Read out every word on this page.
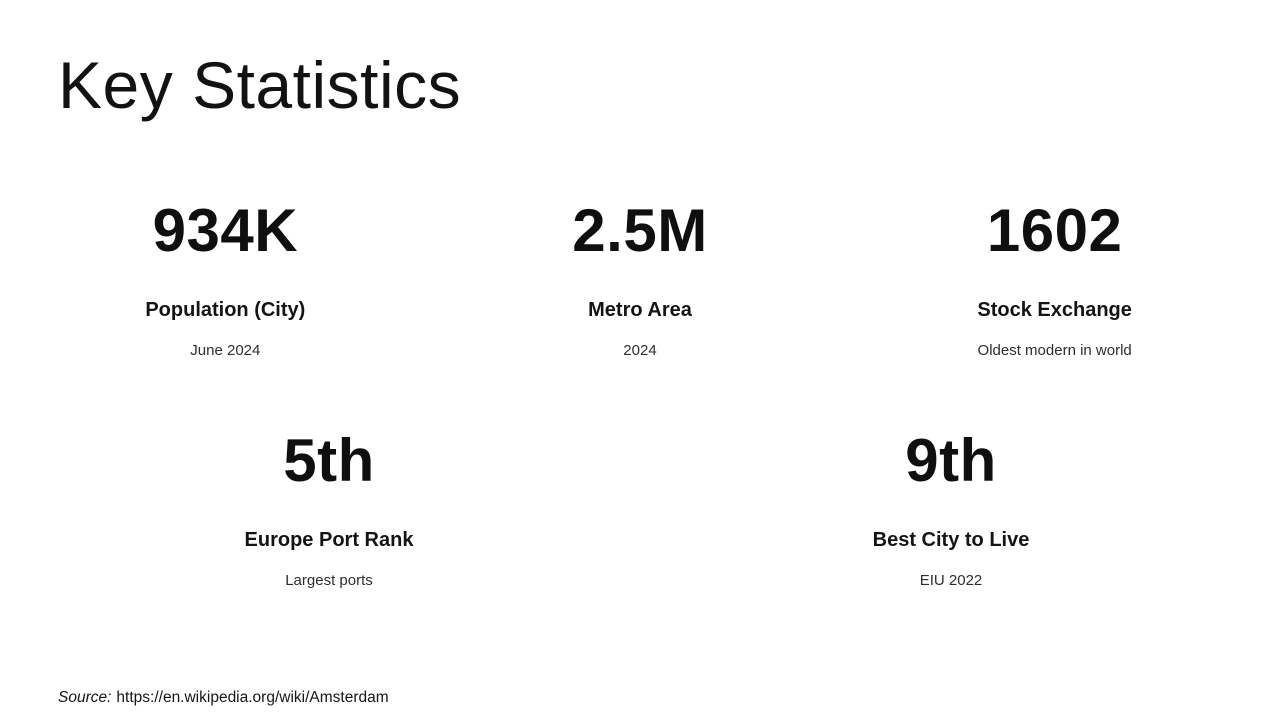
Key Statistics
934K
Population (City)
June 2024
2.5M
Metro Area
2024
1602
Stock Exchange
Oldest modern in world
5th
Europe Port Rank
Largest ports
9th
Best City to Live
EIU 2022
Source: https://en.wikipedia.org/wiki/Amsterdam
